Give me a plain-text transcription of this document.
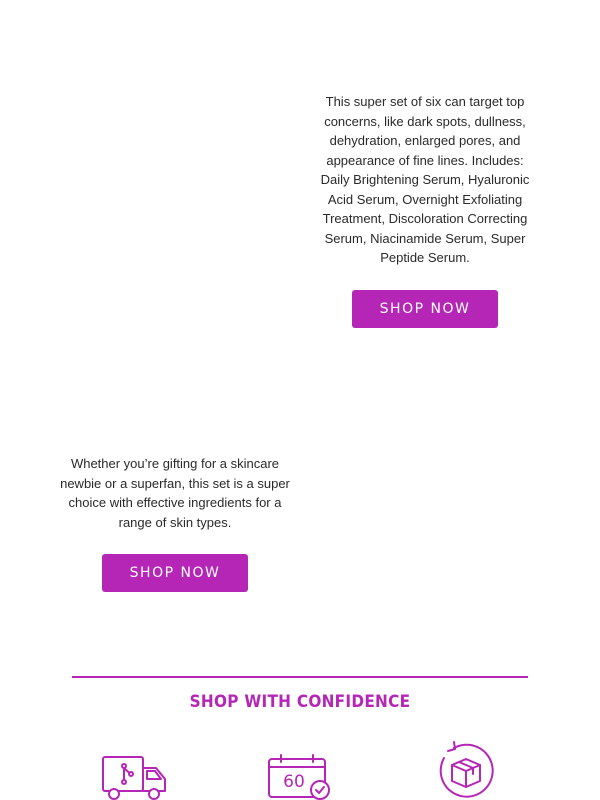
This super set of six can target top concerns, like dark spots, dullness, dehydration, enlarged pores, and appearance of fine lines. Includes: Daily Brightening Serum, Hyaluronic Acid Serum, Overnight Exfoliating Treatment, Discoloration Correcting Serum, Niacinamide Serum, Super Peptide Serum.

SHOP NOW

Whether you’re gifting for a skincare newbie or a superfan, this set is a super choice with effective ingredients for a range of skin types.

SHOP NOW
SHOP WITH CONFIDENCE
60
